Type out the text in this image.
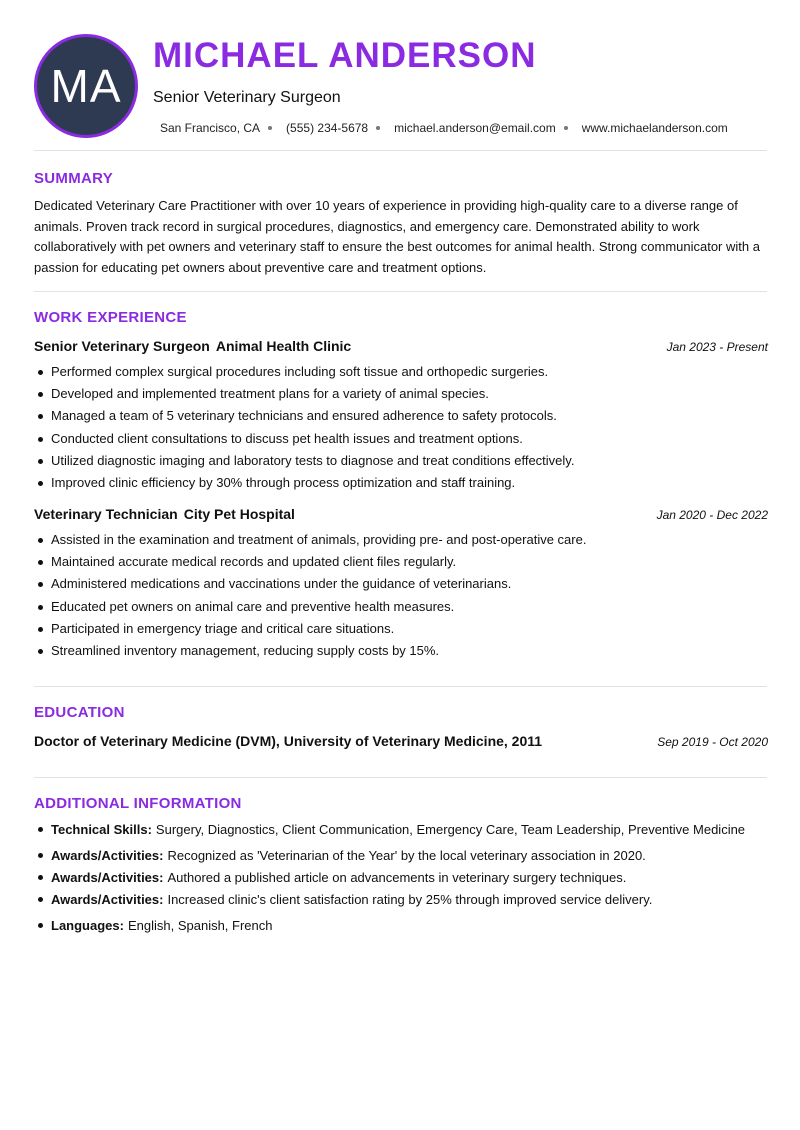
MA
MICHAEL ANDERSON
Senior Veterinary Surgeon
San Francisco, CA (555) 234-5678 michael.anderson@email.com www.michaelanderson.com
SUMMARY

Dedicated Veterinary Care Practitioner with over 10 years of experience in providing high-quality care to a diverse range of animals. Proven track record in surgical procedures, diagnostics, and emergency care. Demonstrated ability to work collaboratively with pet owners and veterinary staff to ensure the best outcomes for animal health. Strong communicator with a passion for educating pet owners about preventive care and treatment options.

WORK EXPERIENCE
Senior Veterinary Surgeon Animal Health Clinic	Jan 2023 - Present
Performed complex surgical procedures including soft tissue and orthopedic surgeries.
Developed and implemented treatment plans for a variety of animal species.
Managed a team of 5 veterinary technicians and ensured adherence to safety protocols.
Conducted client consultations to discuss pet health issues and treatment options.
Utilized diagnostic imaging and laboratory tests to diagnose and treat conditions effectively.
Improved clinic efficiency by 30% through process optimization and staff training.
Veterinary Technician City Pet Hospital	Jan 2020 - Dec 2022
Assisted in the examination and treatment of animals, providing pre- and post-operative care.
Maintained accurate medical records and updated client files regularly.
Administered medications and vaccinations under the guidance of veterinarians.
Educated pet owners on animal care and preventive health measures.
Participated in emergency triage and critical care situations.
Streamlined inventory management, reducing supply costs by 15%.
EDUCATION
Doctor of Veterinary Medicine (DVM), University of Veterinary Medicine, 2011	Sep 2019 - Oct 2020
ADDITIONAL INFORMATION
Technical Skills: Surgery, Diagnostics, Client Communication, Emergency Care, Team Leadership, Preventive Medicine
Awards/Activities: Recognized as 'Veterinarian of the Year' by the local veterinary association in 2020.
Awards/Activities: Authored a published article on advancements in veterinary surgery techniques.
Awards/Activities: Increased clinic's client satisfaction rating by 25% through improved service delivery.
Languages: English, Spanish, French
